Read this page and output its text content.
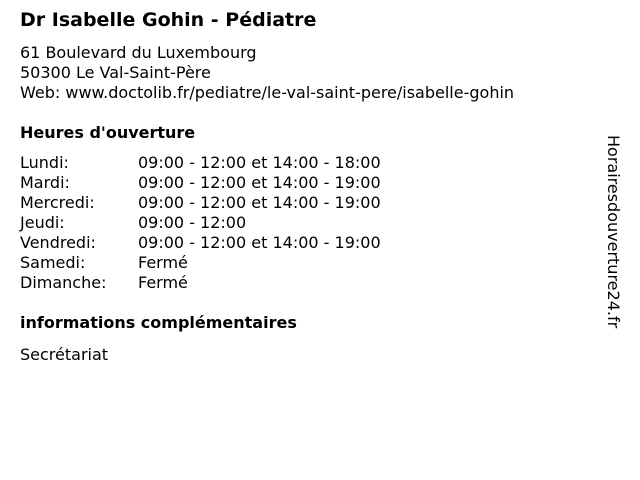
Dr Isabelle Gohin - Pédiatre
61 Boulevard du Luxembourg
50300 Le Val-Saint-Père
Web: www.doctolib.fr/pediatre/le-val-saint-pere/isabelle-gohin
Heures d'ouverture
Lundi:	09:00 - 12:00 et 14:00 - 18:00
Mardi:	09:00 - 12:00 et 14:00 - 19:00
Mercredi:	09:00 - 12:00 et 14:00 - 19:00
Jeudi:	09:00 - 12:00
Vendredi:	09:00 - 12:00 et 14:00 - 19:00
Samedi:	Fermé
Dimanche: Fermé
informations complémentaires
Secrétariat
Horairesdouverture24.fr
